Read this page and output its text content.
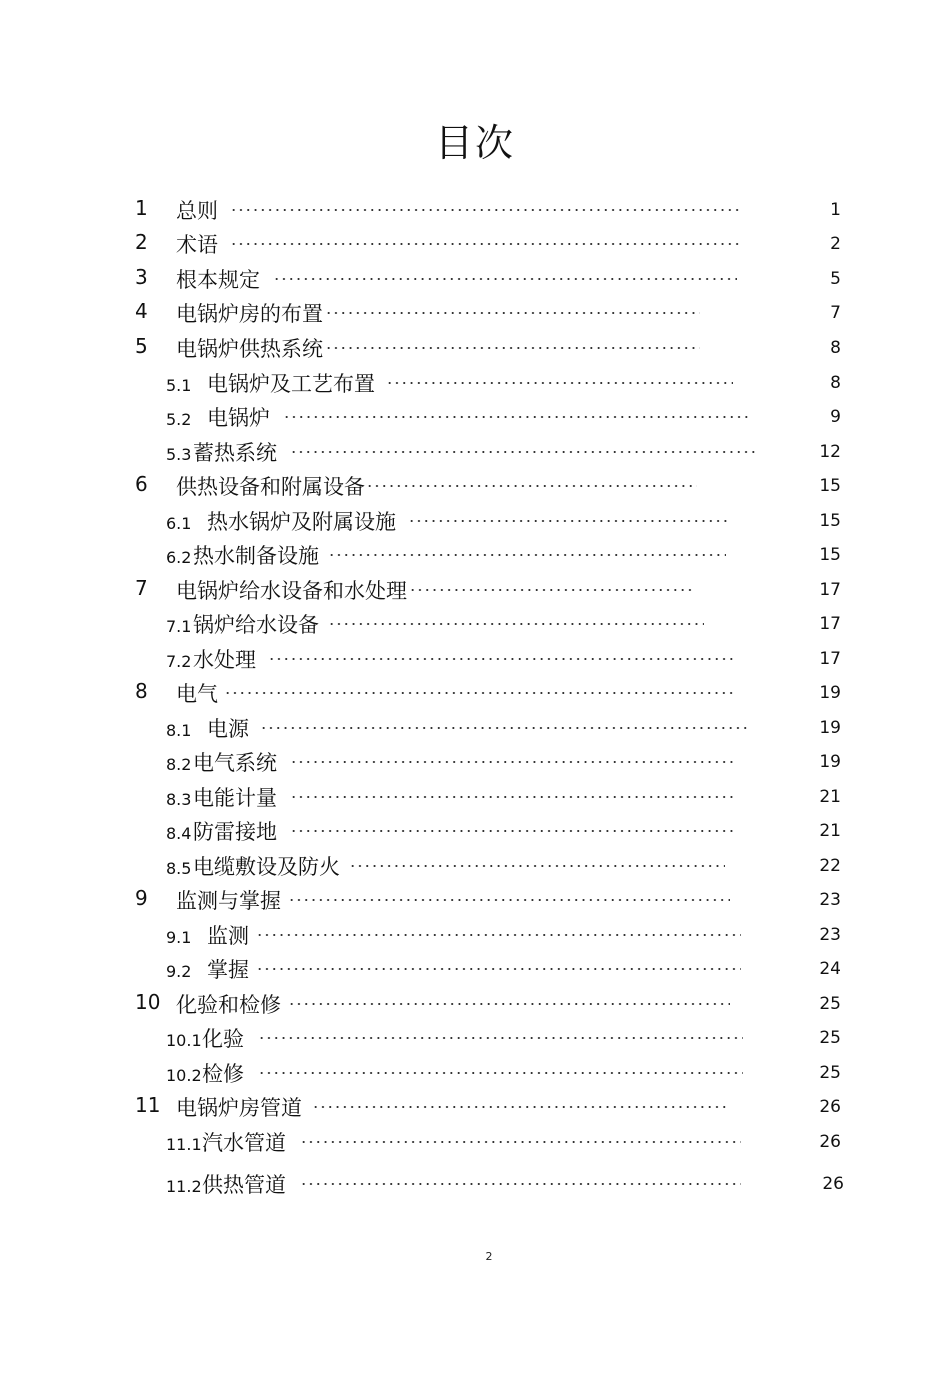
目次
1 总则	1
2 术语	2
3 根本规定	5
4 电锅炉房的布置	7
5 电锅炉供热系统	8
5.1 电锅炉及工艺布置	8
5.2 电锅炉	9
5.3 蓄热系统	12
6 供热设备和附属设备	15
6.1 热水锅炉及附属设施	15
6.2 热水制备设施	15
7 电锅炉给水设备和水处理	17
7.1 锅炉给水设备	17
7.2 水处理	17
8 电气	19
8.1 电源	19
8.2 电气系统	19
8.3 电能计量	21
8.4 防雷接地	21
8.5 电缆敷设及防火	22
9 监测与掌握	23
9.1 监测	23
9.2 掌握	24
10 化验和检修	25
10.1 化验	25
10.2 检修	25
11 电锅炉房管道	26
11.1 汽水管道	26
11.2 供热管道	26
2
